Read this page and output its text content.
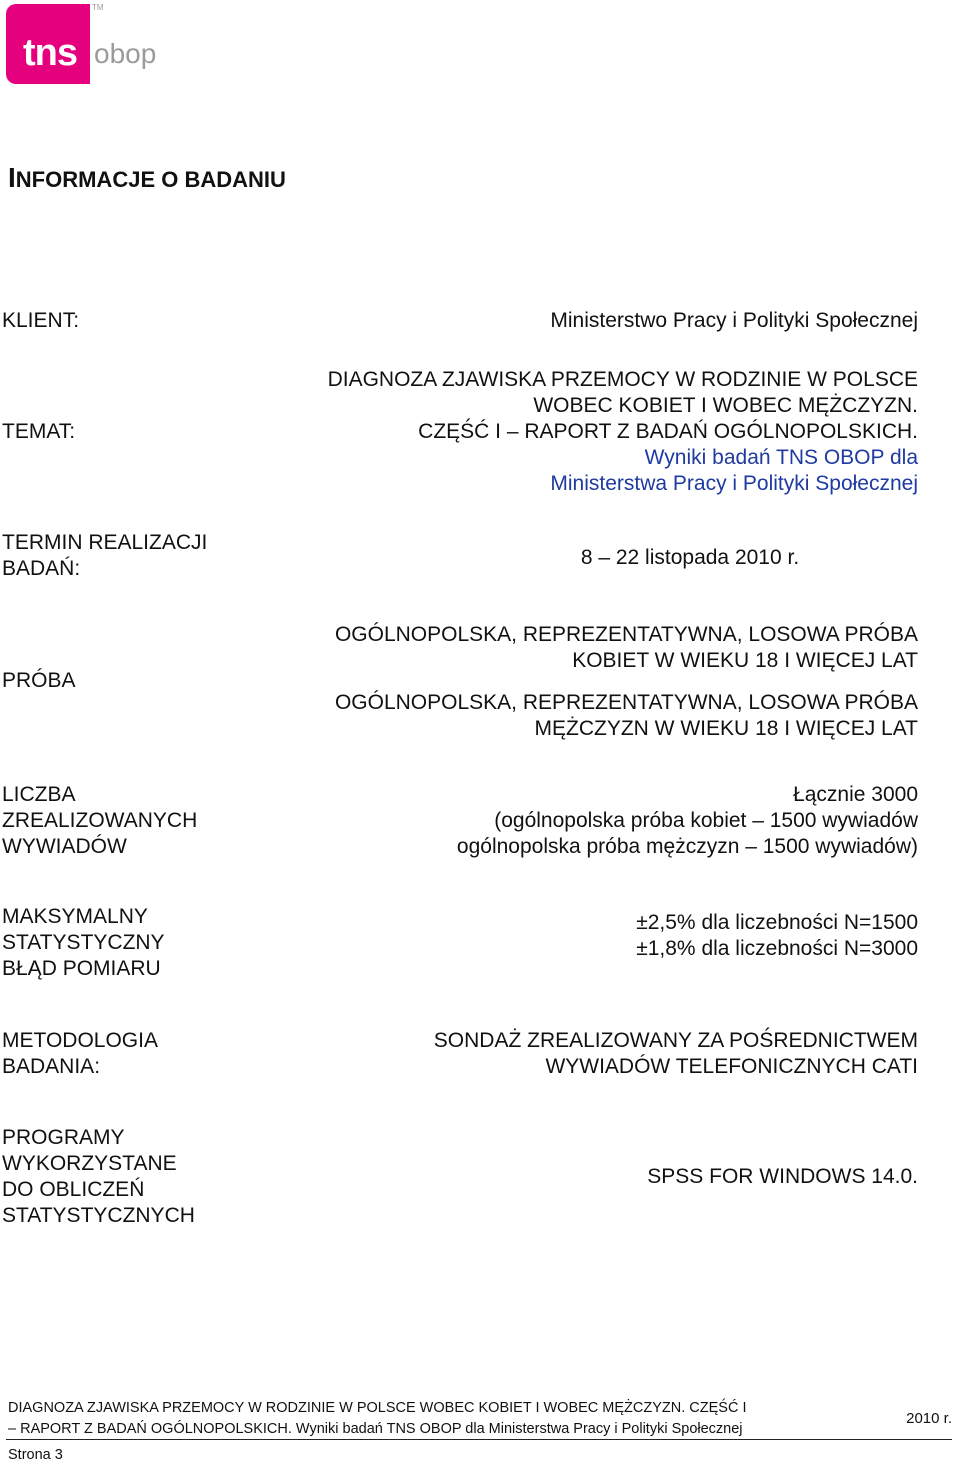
tns obop
TM
INFORMACJE O BADANIU
KLIENT:	Ministerstwo Pracy i Polityki Społecznej
TEMAT:
DIAGNOZA ZJAWISKA PRZEMOCY W RODZINIE W POLSCE
WOBEC KOBIET I WOBEC MĘŻCZYZN.
CZĘŚĆ I – RAPORT Z BADAŃ OGÓLNOPOLSKICH.
Wyniki badań TNS OBOP dla
Ministerstwa Pracy i Polityki Społecznej
TERMIN REALIZACJI
BADAŃ:	8 – 22 listopada 2010 r.
PRÓBA
OGÓLNOPOLSKA, REPREZENTATYWNA, LOSOWA PRÓBA
KOBIET W WIEKU 18 I WIĘCEJ LAT
OGÓLNOPOLSKA, REPREZENTATYWNA, LOSOWA PRÓBA
MĘŻCZYZN W WIEKU 18 I WIĘCEJ LAT
LICZBA
ZREALIZOWANYCH
WYWIADÓW
Łącznie 3000
(ogólnopolska próba kobiet – 1500 wywiadów
ogólnopolska próba mężczyzn – 1500 wywiadów)
MAKSYMALNY
STATYSTYCZNY
BŁĄD POMIARU
±2,5% dla liczebności N=1500
±1,8% dla liczebności N=3000
METODOLOGIA
BADANIA:
SONDAŻ ZREALIZOWANY ZA POŚREDNICTWEM
WYWIADÓW TELEFONICZNYCH CATI
PROGRAMY
WYKORZYSTANE
DO OBLICZEŃ
STATYSTYCZNYCH
SPSS FOR WINDOWS 14.0.
DIAGNOZA ZJAWISKA PRZEMOCY W RODZINIE W POLSCE WOBEC KOBIET I WOBEC MĘŻCZYZN. CZĘŚĆ I
– RAPORT Z BADAŃ OGÓLNOPOLSKICH. Wyniki badań TNS OBOP dla Ministerstwa Pracy i Polityki Społecznej
2010 r.
Strona 3
